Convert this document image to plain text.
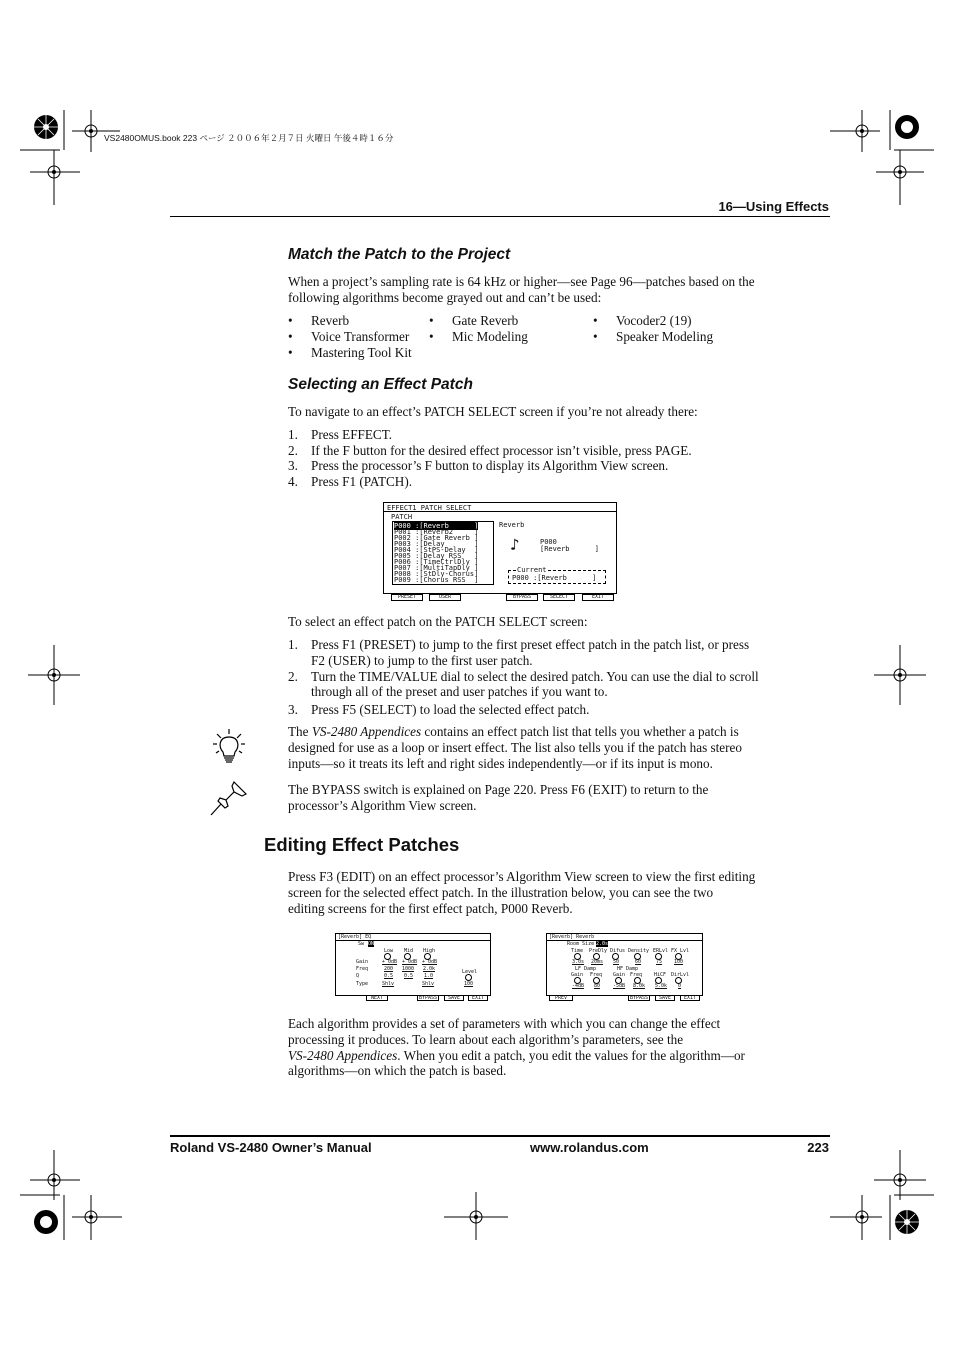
VS2480OMUS.book 223 ページ ２００６年２月７日 火曜日 午後４時１６分
16—Using Effects
Match the Patch to the Project
When a project’s sampling rate is 64 kHz or higher—see Page 96—patches based on the
following algorithms become grayed out and can’t be used:
• Reverb	• Gate Reverb	• Vocoder2 (19)
• Voice Transformer • Mic Modeling	• Speaker Modeling
• Mastering Tool Kit
Selecting an Effect Patch
To navigate to an effect’s PATCH SELECT screen if you’re not already there:
1. Press EFFECT.
2. If the F button for the desired effect processor isn’t visible, press PAGE.
3. Press the processor’s F button to display its Algorithm View screen.
4. Press F1 (PATCH).
EFFECT1 PATCH SELECT
PATCH
P000 :[Reverb      ]
P001 :[Reverb2     ]
P002 :[Gate Reverb ]
P003 :[Delay       ]
P004 :[StPS-Delay  ]
P005 :[Delay RSS   ]
P006 :[TimeCtrlDly ]
P007 :[MultiTapDly ]
P008 :[StDly-Chorus]
P009 :[Chorus RSS  ]
Reverb
♪	P000
[Reverb      ]
Current
P000 :[Reverb      ]
PRESET	USER	BYPASS	SELECT	EXIT
To select an effect patch on the PATCH SELECT screen:
1. Press F1 (PRESET) to jump to the first preset effect patch in the patch list, or press
F2 (USER) to jump to the first user patch.
2. Turn the TIME/VALUE dial to select the desired patch. You can use the dial to scroll
through all of the preset and user patches if you want to.
3. Press F5 (SELECT) to load the selected effect patch.
The VS-2480 Appendices contains an effect patch list that tells you whether a patch is
designed for use as a loop or insert effect. The list also tells you if the patch has stereo
inputs—so it treats its left and right sides independently—or if its input is mono.
The BYPASS switch is explained on Page 220. Press F6 (EXIT) to return to the
processor’s Algorithm View screen.
Editing Effect Patches
Press F3 (EDIT) on an effect processor’s Algorithm View screen to view the first editing
screen for the selected effect patch. In the illustration below, you can see the two
editing screens for the first effect patch, P000 Reverb.
[Reverb] EQ
Sw ON
Low Mid High
Gain	+ 0dB + 0dB + 0dB
Freq	200 1000 2.0k
Q	0.5 0.5 1.0
Type	Shlv	Shlv
Level
100
NEXT	BYPASS	SAVE	EXIT
[Reverb] Reverb
Room Size 2.0s
Time PreDly Difus Density ERLvl FX Lvl
3.0s 20ms 50	60	75 100
LF Damp	HF Damp
Gain Freq Gain Freq HiCF DirLvl
-4dB 80	-5dB 8.0k 5.0k 0
PREV	BYPASS	SAVE	EXIT
Each algorithm provides a set of parameters with which you can change the effect
processing it produces. To learn about each algorithm’s parameters, see the
VS-2480 Appendices. When you edit a patch, you edit the values for the algorithm—or
algorithms—on which the patch is based.
Roland VS-2480 Owner’s Manual	www.rolandus.com	223
